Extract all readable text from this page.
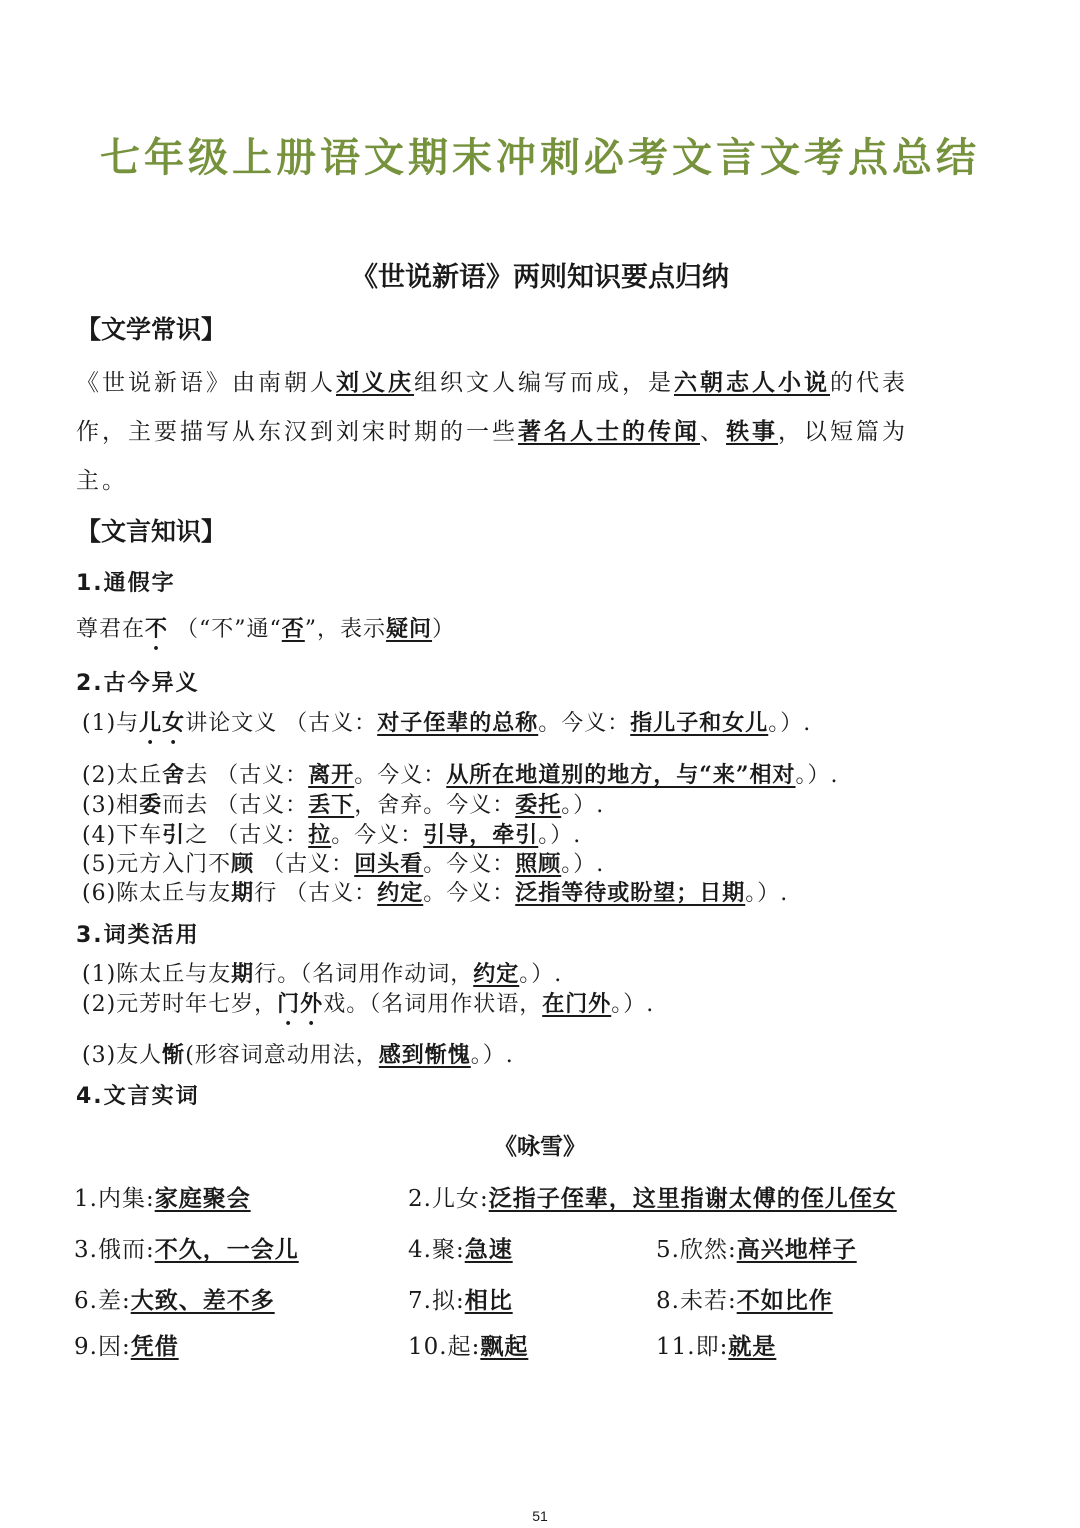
七年级上册语文期末冲刺必考文言文考点总结
《世说新语》两则知识要点归纳
【文学常识】
《世说新语》由南朝人刘义庆组织文人编写而成，是六朝志人小说的代表
作，主要描写从东汉到刘宋时期的一些著名人士的传闻、轶事，以短篇为
主。
【文言知识】
1.通假字
尊君在不 （“不”通“否”，表示疑问）
2.古今异义
(1)与儿女讲论文义 （古义：对子侄辈的总称。今义：指儿子和女儿。）.
(2)太丘舍去 （古义：离开。今义：从所在地道别的地方，与“来”相对。）.
(3)相委而去 （古义：丢下，舍弃。今义：委托。）.
(4)下车引之 （古义：拉。今义：引导，牵引。）.
(5)元方入门不顾 （古义：回头看。今义：照顾。）.
(6)陈太丘与友期行 （古义：约定。今义：泛指等待或盼望；日期。）.
3.词类活用
(1)陈太丘与友期行。（名词用作动词，约定。）.
(2)元芳时年七岁，门外戏。（名词用作状语，在门外。）.
(3)友人惭(形容词意动用法，感到惭愧。）.
4.文言实词
《咏雪》
1.内集:家庭聚会	2.儿女:泛指子侄辈，这里指谢太傅的侄儿侄女
3.俄而:不久，一会儿	4.聚:急速	5.欣然:高兴地样子
6.差:大致、差不多	7.拟:相比	8.未若:不如比作
9.因:凭借	10.起:飘起	11.即:就是
51
